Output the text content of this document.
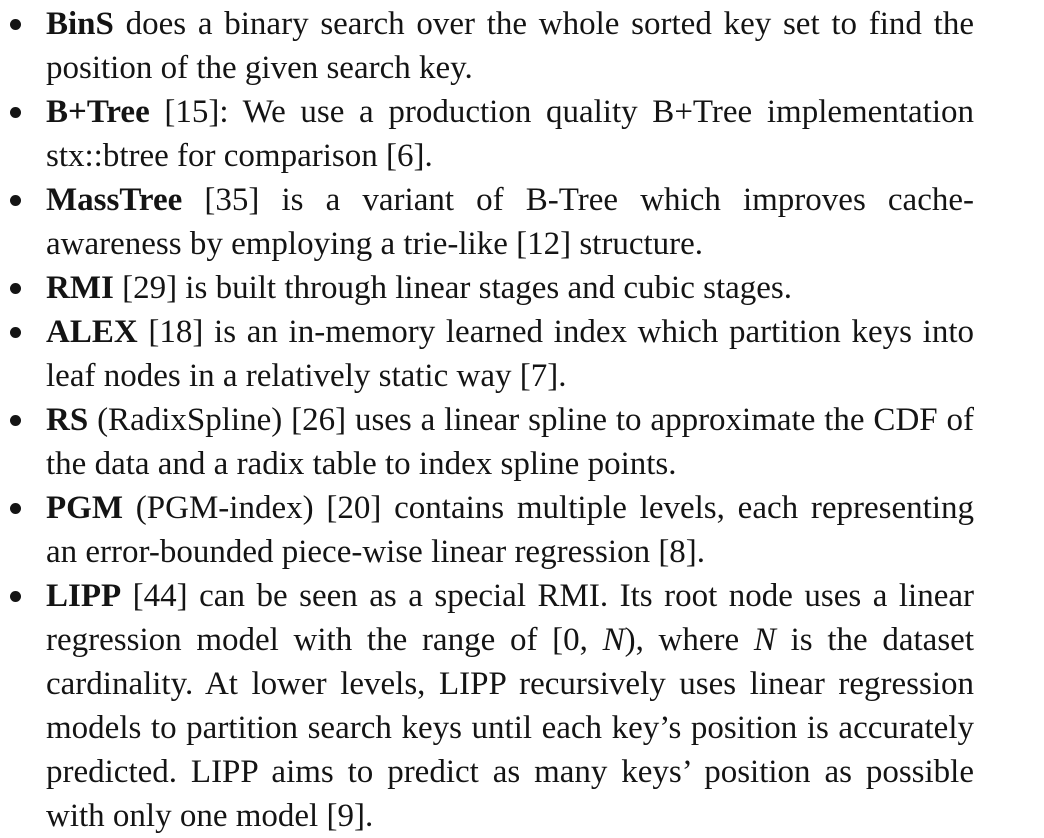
BinS does a binary search over the whole sorted key set to find the position of the given search key.
B+Tree [15]: We use a production quality B+Tree implementation stx::btree for comparison [6].
MassTree [35] is a variant of B-Tree which improves cache-awareness by employing a trie-like [12] structure.
RMI [29] is built through linear stages and cubic stages.
ALEX [18] is an in-memory learned index which partition keys into leaf nodes in a relatively static way [7].
RS (RadixSpline) [26] uses a linear spline to approximate the CDF of the data and a radix table to index spline points.
PGM (PGM-index) [20] contains multiple levels, each representing an error-bounded piece-wise linear regression [8].
LIPP [44] can be seen as a special RMI. Its root node uses a linear regression model with the range of [0, N), where N is the dataset cardinality. At lower levels, LIPP recursively uses linear regression models to partition search keys until each key’s position is accurately predicted. LIPP aims to predict as many keys’ position as possible with only one model [9].
